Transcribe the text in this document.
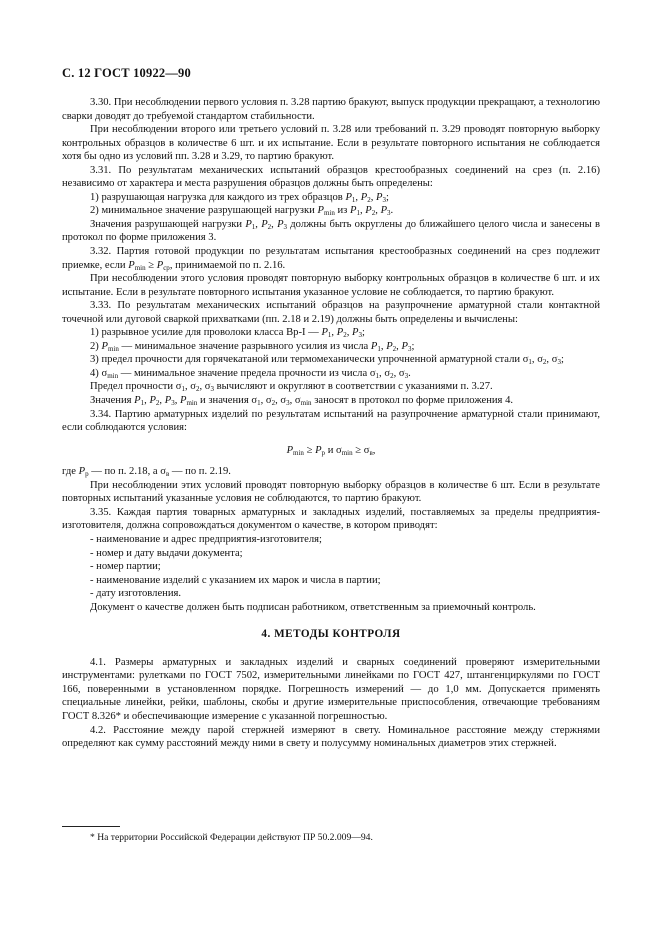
С. 12 ГОСТ 10922—90

3.30. При несоблюдении первого условия п. 3.28 партию бракуют, выпуск продукции прекращают, а технологию сварки доводят до требуемой стандартом стабильности.

При несоблюдении второго или третьего условий п. 3.28 или требований п. 3.29 проводят повторную выборку контрольных образцов в количестве 6 шт. и их испытание. Если в результате повторного испытания не соблюдается хотя бы одно из условий пп. 3.28 и 3.29, то партию бракуют.

3.31. По результатам механических испытаний образцов крестообразных соединений на срез (п. 2.16) независимо от характера и места разрушения образцов должны быть определены:

1) разрушающая нагрузка для каждого из трех образцов $P_1$, $P_2$, $P_3$;

2) минимальное значение разрушающей нагрузки $P_{min}$ из $P_1$, $P_2$, $P_3$.

Значения разрушающей нагрузки $P_1$, $P_2$, $P_3$ должны быть округлены до ближайшего целого числа и занесены в протокол по форме приложения 3.

3.32. Партия готовой продукции по результатам испытания крестообразных соединений на срез подлежит приемке, если $P_{min} \ge P_{ср}$, принимаемой по п. 2.16.

При несоблюдении этого условия проводят повторную выборку контрольных образцов в количестве 6 шт. и их испытание. Если в результате повторного испытания указанное условие не соблюдается, то партию бракуют.

3.33. По результатам механических испытаний образцов на разупрочнение арматурной стали контактной точечной или дуговой сваркой прихватками (пп. 2.18 и 2.19) должны быть определены и вычислены:

1) разрывное усилие для проволоки класса Вр-I — $P_1$, $P_2$, $P_3$;

2) $P_{min}$ — минимальное значение разрывного усилия из числа $P_1$, $P_2$, $P_3$;

3) предел прочности для горячекатаной или термомеханически упрочненной арматурной стали $\sigma_1$, $\sigma_2$, $\sigma_3$;

4) $\sigma_{min}$ — минимальное значение предела прочности из числа $\sigma_1$, $\sigma_2$, $\sigma_3$.

Предел прочности $\sigma_1$, $\sigma_2$, $\sigma_3$ вычисляют и округляют в соответствии с указаниями п. 3.27.

Значения $P_1$, $P_2$, $P_3$, $P_{min}$ и значения $\sigma_1$, $\sigma_2$, $\sigma_3$, $\sigma_{min}$ заносят в протокол по форме приложения 4.

3.34. Партию арматурных изделий по результатам испытаний на разупрочнение арматурной стали принимают, если соблюдаются условия:

$P_{min} \ge P_p$ и $\sigma_{min} \ge \sigma_в$,

где $P_p$ — по п. 2.18, а $\sigma_в$ — по п. 2.19.

При несоблюдении этих условий проводят повторную выборку образцов в количестве 6 шт. Если в результате повторных испытаний указанные условия не соблюдаются, то партию бракуют.

3.35. Каждая партия товарных арматурных и закладных изделий, поставляемых за пределы предприятия-изготовителя, должна сопровождаться документом о качестве, в котором приводят:

- наименование и адрес предприятия-изготовителя;

- номер и дату выдачи документа;

- номер партии;

- наименование изделий с указанием их марок и числа в партии;

- дату изготовления.

Документ о качестве должен быть подписан работником, ответственным за приемочный контроль.

4. МЕТОДЫ КОНТРОЛЯ

4.1. Размеры арматурных и закладных изделий и сварных соединений проверяют измерительными инструментами: рулетками по ГОСТ 7502, измерительными линейками по ГОСТ 427, штангенциркулями по ГОСТ 166, поверенными в установленном порядке. Погрешность измерений — до 1,0 мм. Допускается применять специальные линейки, рейки, шаблоны, скобы и другие измерительные приспособления, отвечающие требованиям ГОСТ 8.326* и обеспечивающие измерение с указанной погрешностью.

4.2. Расстояние между парой стержней измеряют в свету. Номинальное расстояние между стержнями определяют как сумму расстояний между ними в свету и полусумму номинальных диаметров этих стержней.

* На территории Российской Федерации действуют ПР 50.2.009—94.
